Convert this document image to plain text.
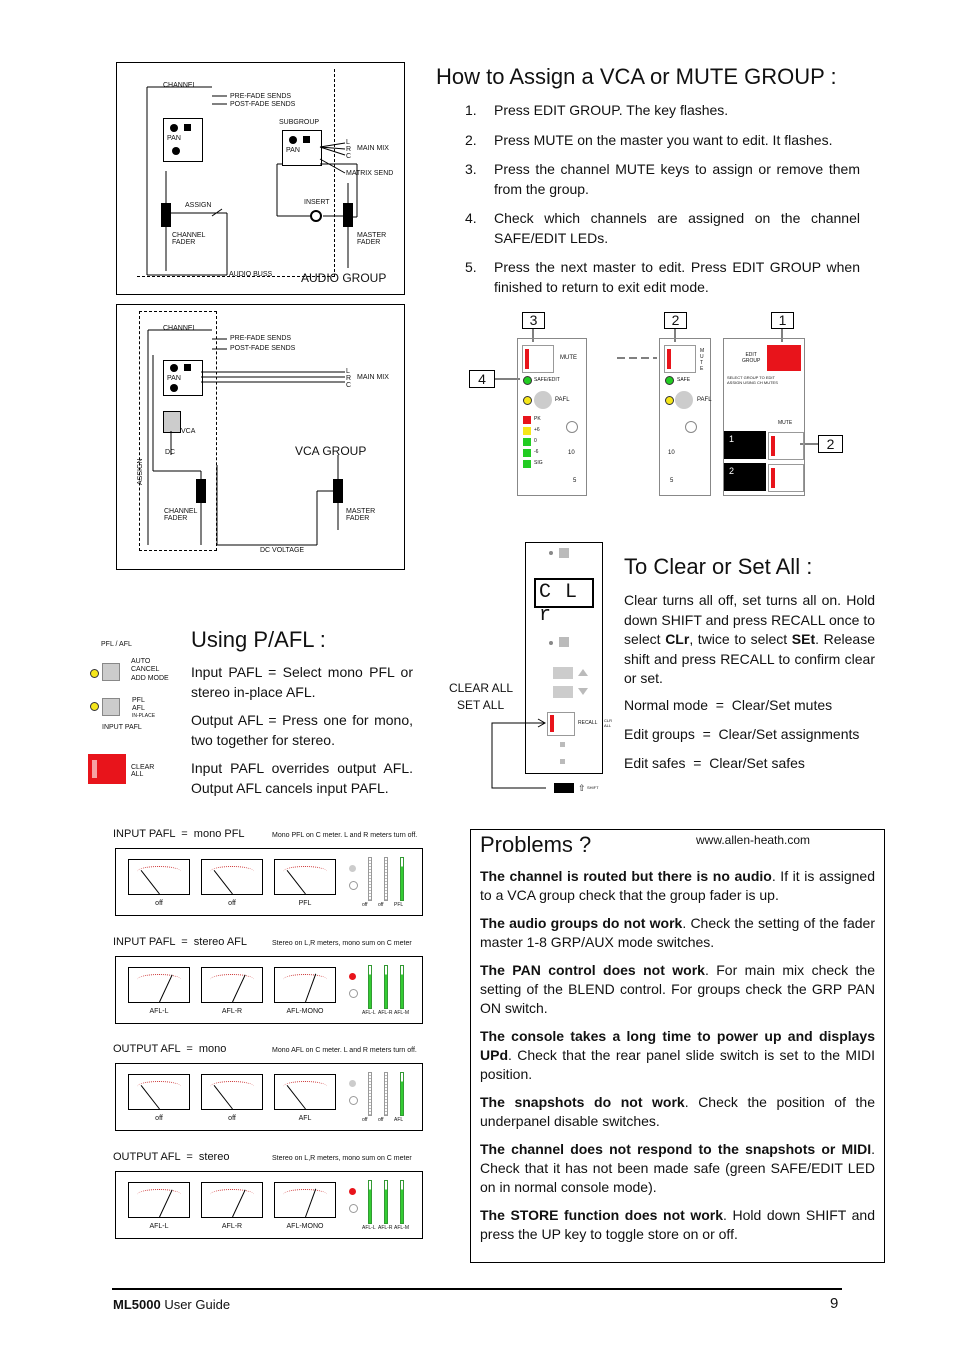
CHANNEL
PRE-FADE SENDS
POST-FADE SENDS
SUBGROUP
PAN
PAN
L R C
MAIN MIX
MATRIX SEND
INSERT
ASSIGN
CHANNEL
FADER
MASTER
FADER
AUDIO BUSS AUDIO GROUP
CHANNEL
PRE-FADE SENDS
POST-FADE SENDS
PAN
L R C
MAIN MIX
VCA
DC
ASSIGN
CHANNEL
FADER
MASTER
FADER
DC VOLTAGE
VCA GROUP
How to Assign a VCA or MUTE GROUP :
1. Press EDIT GROUP. The key flashes.
2. Press MUTE on the master you want to edit. It flashes.
3. Press the channel MUTE keys to assign or remove them from the group.
4. Check which channels are assigned on the channel SAFE/EDIT LEDs.
5. Press the next master to edit. Press EDIT GROUP when finished to return to exit edit mode.
3
4
2	1
2
MUTE
SAFE/EDIT
PAFL
PK
+6
0
-6
SIG
10
5
M U T E
SAFE
PAFL
10
5
EDIT
GROUP
SELECT GROUP TO EDIT
ASSIGN USING CH MUTES
MUTE
1
2
PFL / AFL
AUTO
CANCEL
ADD MODE
PFL
AFL
IN-PLACE
INPUT PAFL
CLEAR
ALL
Using P/AFL :
Input PAFL = Select mono PFL or stereo in-place AFL.
Output AFL = Press one for mono, two together for stereo.
Input PAFL overrides output AFL. Output AFL cancels input PAFL.
C L r
RECALL CLR
ALL
⇧ SHIFT
CLEAR ALL
SET ALL
To Clear or Set All :
Clear turns all off, set turns all on. Hold down SHIFT and press RECALL once to select CLr, twice to select SEt. Release shift and press RECALL to confirm clear or set.
Normal mode  =  Clear/Set mutes
Edit groups  =  Clear/Set assignments
Edit safes  =  Clear/Set safes
INPUT PAFL  =  mono PFL	Mono PFL on C meter. L and R meters turn off.
off	off	PFL	off off PFL
INPUT PAFL  =  stereo AFL	Stereo on L,R meters, mono sum on C meter
AFL-L	AFL-R	AFL-MONO	AFL-L AFL-R AFL-M
OUTPUT AFL  =  mono	Mono AFL on C meter. L and R meters turn off.
off	off	AFL	off off AFL
OUTPUT AFL  =  stereo	Stereo on L,R meters, mono sum on C meter
AFL-L	AFL-R	AFL-MONO	AFL-L AFL-R AFL-M
Problems ?	www.allen-heath.com

The channel is routed but there is no audio. If it is assigned to a VCA group check that the group fader is up.

The audio groups do not work. Check the setting of the fader master 1-8 GRP/AUX mode switches.

The PAN control does not work. For main mix check the setting of the BLEND control. For groups check the GRP PAN ON switch.

The console takes a long time to power up and displays UPd. Check that the rear panel slide switch is set to the MIDI position.

The snapshots do not work. Check the position of the underpanel disable switches.

The channel does not respond to the snapshots or MIDI. Check that it has not been made safe (green SAFE/EDIT LED on in normal console mode).

The STORE function does not work. Hold down SHIFT and press the UP key to toggle store on or off.

ML5000 User Guide	9
